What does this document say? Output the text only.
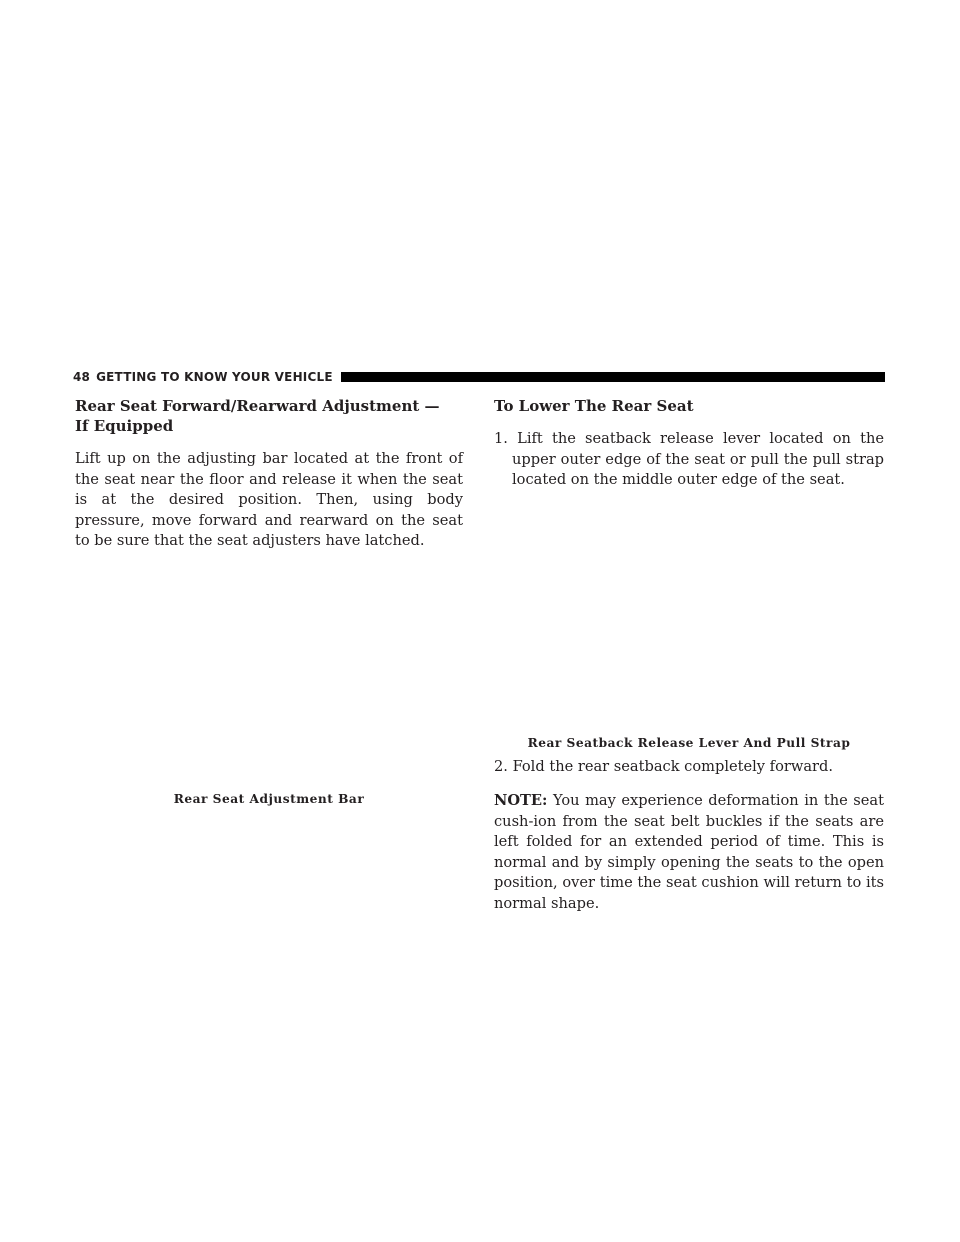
48 GETTING TO KNOW YOUR VEHICLE
Rear Seat Forward/Rearward Adjustment —
If Equipped

Lift up on the adjusting bar located at the front of the seat near the floor and release it when the seat is at the desired position. Then, using body pressure, move forward and rearward on the seat to be sure that the seat adjusters have latched.

Rear Seat Adjustment Bar
To Lower The Rear Seat

1. Lift the seatback release lever located on the upper outer edge of the seat or pull the pull strap located on the middle outer edge of the seat.

Rear Seatback Release Lever And Pull Strap

2. Fold the rear seatback completely forward.

NOTE: You may experience deformation in the seat cush-ion from the seat belt buckles if the seats are left folded for an extended period of time. This is normal and by simply opening the seats to the open position, over time the seat cushion will return to its normal shape.
